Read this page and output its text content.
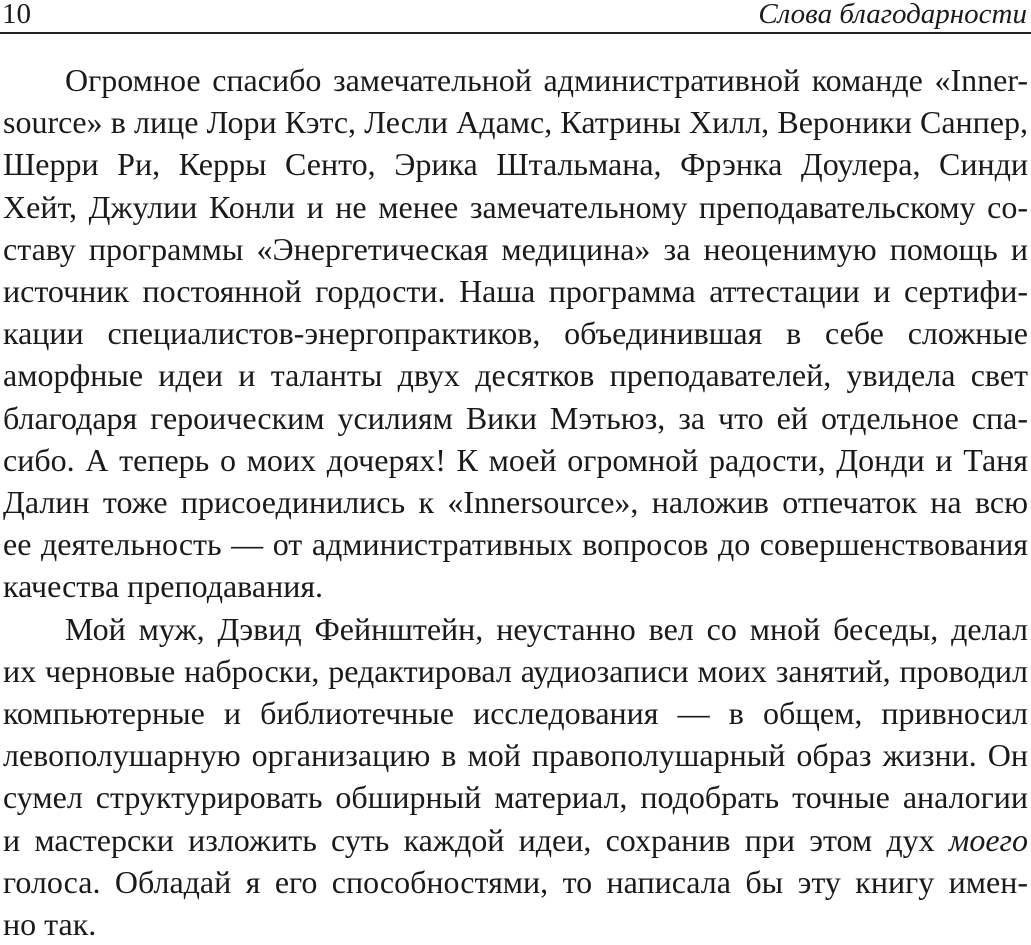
10	Слова благодарности
Огромное спасибо замечательной административной команде «Inner-
source» в лице Лори Кэтс, Лесли Адамс, Катрины Хилл, Вероники Санпер,
Шерри Ри, Керры Сенто, Эрика Штальмана, Фрэнка Доулера, Синди
Хейт, Джулии Конли и не менее замечательному преподавательскому со-
ставу программы «Энергетическая медицина» за неоценимую помощь и
источник постоянной гордости. Наша программа аттестации и сертифи-
кации специалистов-энергопрактиков, объединившая в себе сложные
аморфные идеи и таланты двух десятков преподавателей, увидела свет
благодаря героическим усилиям Вики Мэтьюз, за что ей отдельное спа-
сибо. А теперь о моих дочерях! К моей огромной радости, Донди и Таня
Далин тоже присоединились к «Innersource», наложив отпечаток на всю
ее деятельность — от административных вопросов до совершенствования
качества преподавания.
Мой муж, Дэвид Фейнштейн, неустанно вел со мной беседы, делал
их черновые наброски, редактировал аудиозаписи моих занятий, проводил
компьютерные и библиотечные исследования — в общем, привносил
левополушарную организацию в мой правополушарный образ жизни. Он
сумел структурировать обширный материал, подобрать точные аналогии
и мастерски изложить суть каждой идеи, сохранив при этом дух моего
голоса. Обладай я его способностями, то написала бы эту книгу имен-
но так.
